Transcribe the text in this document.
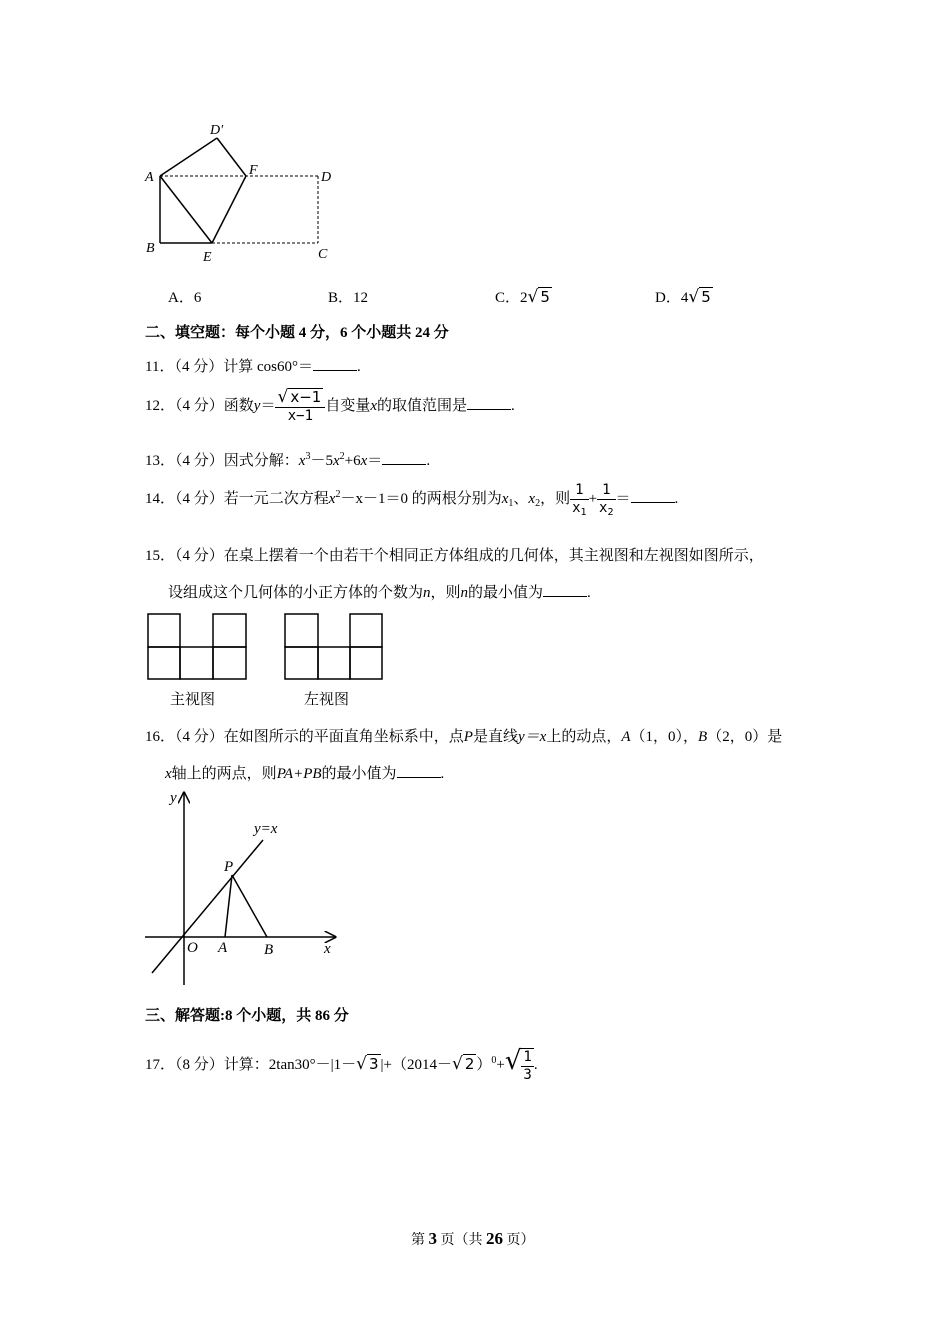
D′
A	F	D
B
E	C
A．6	B．12	C．2√ 5	D．4√ 5
二、填空题：每个小题 4 分，6 个小题共 24 分
11．（4 分）计算 cos60°＝	.
12．（4 分）函数$y= \frac{√ x-1}{x-1}$ 自变量x的取值范围是	.
13．（4 分）因式分解：$x^3-5x^2+6x=$	.
14．（4 分）若一元二次方程$x^2-x-1=0$ 的两根分别为$x_1$、$x_2$，则 $\frac{1}{x_1} + \frac{1}{x_2}$ ＝	.
15．（4 分）在桌上摆着一个由若干个相同正方体组成的几何体，其主视图和左视图如图所示，
设组成这个几何体的小正方体的个数为n，则n的最小值为	.
主视图	左视图
16．（4 分）在如图所示的平面直角坐标系中，点P是直线y＝x上的动点，A（1，0），B（2，0）是
x轴上的两点，则PA+PB的最小值为	.
y
x
y=x
P
O A B
三、解答题:8 个小题，共 86 分
17．（8 分）计算：2tan30°－|1－√ 3 |+（2014－√ 2 ）$^0+√ \frac{1}{3}$ .
第 3 页（共 26 页）
